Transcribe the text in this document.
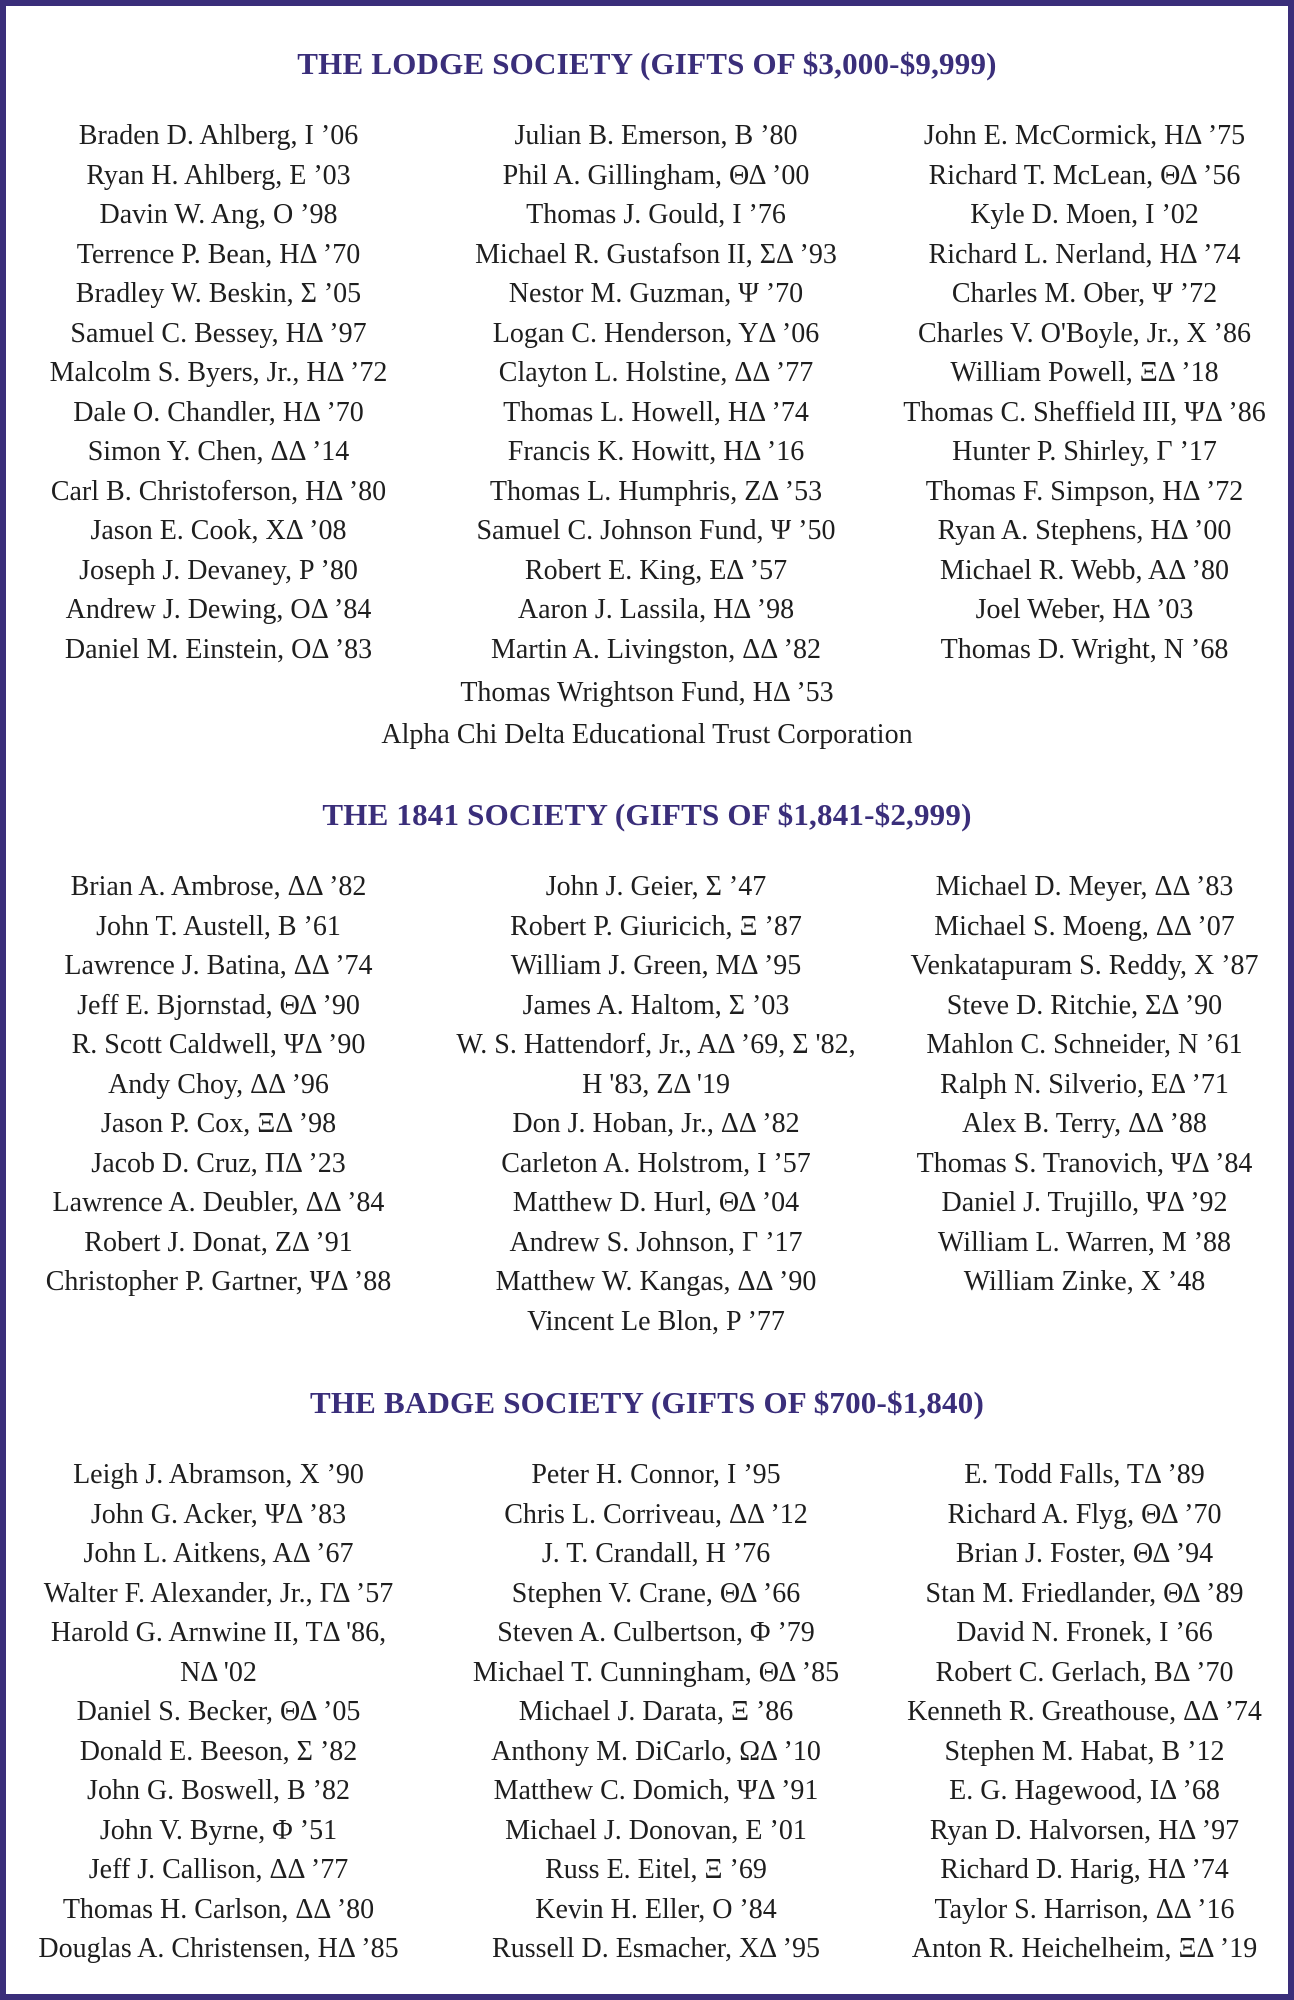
THE LODGE SOCIETY (GIFTS OF $3,000-$9,999)
Braden D. Ahlberg, I ’06
Ryan H. Ahlberg, E ’03
Davin W. Ang, O ’98
Terrence P. Bean, HΔ ’70
Bradley W. Beskin, Σ ’05
Samuel C. Bessey, HΔ ’97
Malcolm S. Byers, Jr., HΔ ’72
Dale O. Chandler, HΔ ’70
Simon Y. Chen, ΔΔ ’14
Carl B. Christoferson, HΔ ’80
Jason E. Cook, XΔ ’08
Joseph J. Devaney, P ’80
Andrew J. Dewing, OΔ ’84
Daniel M. Einstein, OΔ ’83
Julian B. Emerson, B ’80
Phil A. Gillingham, ΘΔ ’00
Thomas J. Gould, I ’76
Michael R. Gustafson II, ΣΔ ’93
Nestor M. Guzman, Ψ ’70
Logan C. Henderson, YΔ ’06
Clayton L. Holstine, ΔΔ ’77
Thomas L. Howell, HΔ ’74
Francis K. Howitt, HΔ ’16
Thomas L. Humphris, ZΔ ’53
Samuel C. Johnson Fund, Ψ ’50
Robert E. King, EΔ ’57
Aaron J. Lassila, HΔ ’98
Martin A. Livingston, ΔΔ ’82
John E. McCormick, HΔ ’75
Richard T. McLean, ΘΔ ’56
Kyle D. Moen, I ’02
Richard L. Nerland, HΔ ’74
Charles M. Ober, Ψ ’72
Charles V. O'Boyle, Jr., X ’86
William Powell, ΞΔ ’18
Thomas C. Sheffield III, ΨΔ ’86
Hunter P. Shirley, Γ ’17
Thomas F. Simpson, HΔ ’72
Ryan A. Stephens, HΔ ’00
Michael R. Webb, AΔ ’80
Joel Weber, HΔ ’03
Thomas D. Wright, N ’68
Thomas Wrightson Fund, HΔ ’53
Alpha Chi Delta Educational Trust Corporation
THE 1841 SOCIETY (GIFTS OF $1,841-$2,999)
Brian A. Ambrose, ΔΔ ’82
John T. Austell, B ’61
Lawrence J. Batina, ΔΔ ’74
Jeff E. Bjornstad, ΘΔ ’90
R. Scott Caldwell, ΨΔ ’90
Andy Choy, ΔΔ ’96
Jason P. Cox, ΞΔ ’98
Jacob D. Cruz, ΠΔ ’23
Lawrence A. Deubler, ΔΔ ’84
Robert J. Donat, ZΔ ’91
Christopher P. Gartner, ΨΔ ’88
John J. Geier, Σ ’47
Robert P. Giuricich, Ξ ’87
William J. Green, MΔ ’95
James A. Haltom, Σ ’03
W. S. Hattendorf, Jr., AΔ ’69, Σ '82,
H '83, ZΔ '19
Don J. Hoban, Jr., ΔΔ ’82
Carleton A. Holstrom, I ’57
Matthew D. Hurl, ΘΔ ’04
Andrew S. Johnson, Γ ’17
Matthew W. Kangas, ΔΔ ’90
Vincent Le Blon, P ’77
Michael D. Meyer, ΔΔ ’83
Michael S. Moeng, ΔΔ ’07
Venkatapuram S. Reddy, X ’87
Steve D. Ritchie, ΣΔ ’90
Mahlon C. Schneider, N ’61
Ralph N. Silverio, EΔ ’71
Alex B. Terry, ΔΔ ’88
Thomas S. Tranovich, ΨΔ ’84
Daniel J. Trujillo, ΨΔ ’92
William L. Warren, M ’88
William Zinke, X ’48
THE BADGE SOCIETY (GIFTS OF $700-$1,840)
Leigh J. Abramson, X ’90
John G. Acker, ΨΔ ’83
John L. Aitkens, AΔ ’67
Walter F. Alexander, Jr., ΓΔ ’57
Harold G. Arnwine II, TΔ '86,
NΔ '02
Daniel S. Becker, ΘΔ ’05
Donald E. Beeson, Σ ’82
John G. Boswell, B ’82
John V. Byrne, Φ ’51
Jeff J. Callison, ΔΔ ’77
Thomas H. Carlson, ΔΔ ’80
Douglas A. Christensen, HΔ ’85
Peter H. Connor, I ’95
Chris L. Corriveau, ΔΔ ’12
J. T. Crandall, H ’76
Stephen V. Crane, ΘΔ ’66
Steven A. Culbertson, Φ ’79
Michael T. Cunningham, ΘΔ ’85
Michael J. Darata, Ξ ’86
Anthony M. DiCarlo, ΩΔ ’10
Matthew C. Domich, ΨΔ ’91
Michael J. Donovan, E ’01
Russ E. Eitel, Ξ ’69
Kevin H. Eller, O ’84
Russell D. Esmacher, XΔ ’95
E. Todd Falls, TΔ ’89
Richard A. Flyg, ΘΔ ’70
Brian J. Foster, ΘΔ ’94
Stan M. Friedlander, ΘΔ ’89
David N. Fronek, I ’66
Robert C. Gerlach, BΔ ’70
Kenneth R. Greathouse, ΔΔ ’74
Stephen M. Habat, B ’12
E. G. Hagewood, IΔ ’68
Ryan D. Halvorsen, HΔ ’97
Richard D. Harig, HΔ ’74
Taylor S. Harrison, ΔΔ ’16
Anton R. Heichelheim, ΞΔ ’19
